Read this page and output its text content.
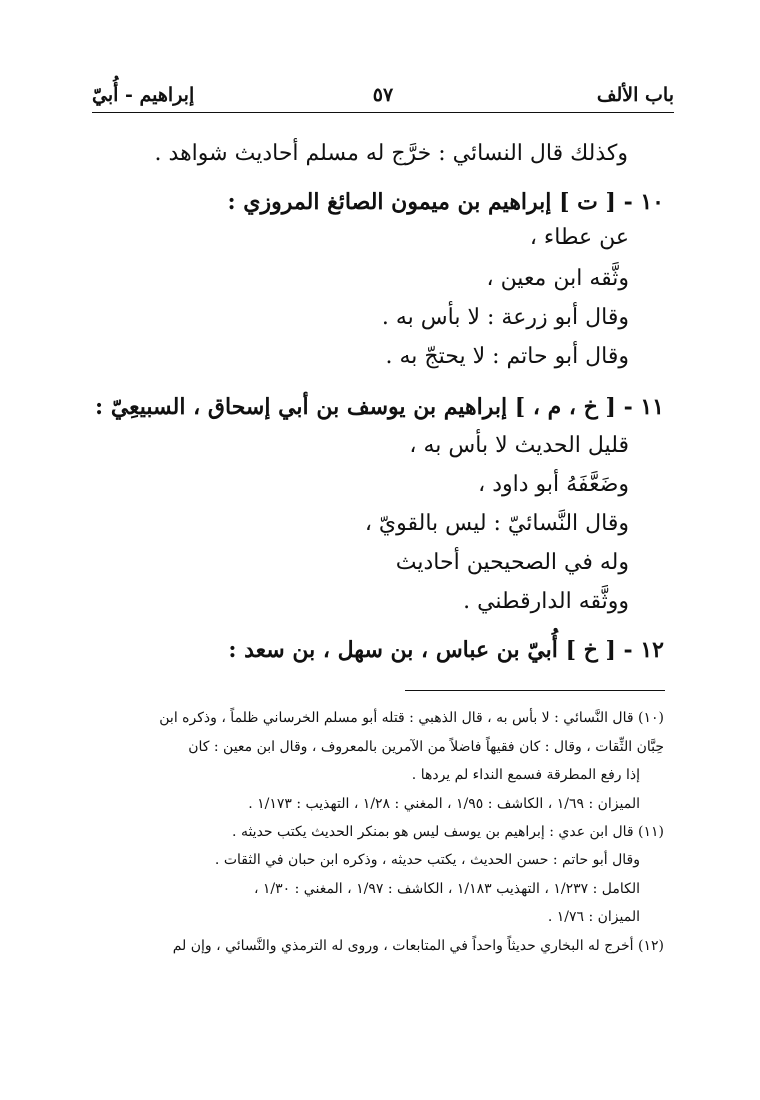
باب الألف
٥٧
إبراهيم - أُبيّ
وكذلك قال النسائي : خرَّج له مسلم أحاديث شواهد .
١٠ - [ ت ] إبراهيم بن ميمون الصائغ المروزي :
عن عطاء ،
وثَّقه ابن معين ،
وقال أبو زرعة : لا بأس به .
وقال أبو حاتم : لا يحتجّ به .
١١ - [ خ ، م ، ] إبراهيم بن يوسف بن أبي إسحاق ، السبيعِيّ :
قليل الحديث لا بأس به ،
وضَعَّفَهُ أبو داود ،
وقال النَّسائيّ : ليس بالقويّ ،
وله في الصحيحين أحاديث
ووثَّقه الدارقطني .
١٢ - [ خ ] أُبيّ بن عباس ، بن سهل ، بن سعد :
(١٠) قال النَّسائي : لا بأس به ، قال الذهبي : قتله أبو مسلم الخرساني ظلماً ، وذكره ابن
حِبَّان الثِّقات ، وقال : كان فقيهاً فاضلاً من الآمرين بالمعروف ، وقال ابن معين : كان
إذا رفع المطرقة فسمع النداء لم يردها .
الميزان : ١/٦٩ ، الكاشف : ١/٩٥ ، المغني : ١/٢٨ ، التهذيب : ١/١٧٣ .
(١١) قال ابن عدي : إبراهيم بن يوسف ليس هو بمنكر الحديث يكتب حديثه .
وقال أبو حاتم : حسن الحديث ، يكتب حديثه ، وذكره ابن حبان في الثقات .
الكامل : ١/٢٣٧ ، التهذيب ١/١٨٣ ، الكاشف : ١/٩٧ ، المغني : ١/٣٠ ،
الميزان : ١/٧٦ .
(١٢) أخرج له البخاري حديثاً واحداً في المتابعات ، وروى له الترمذي والنَّسائي ، وإن لم
